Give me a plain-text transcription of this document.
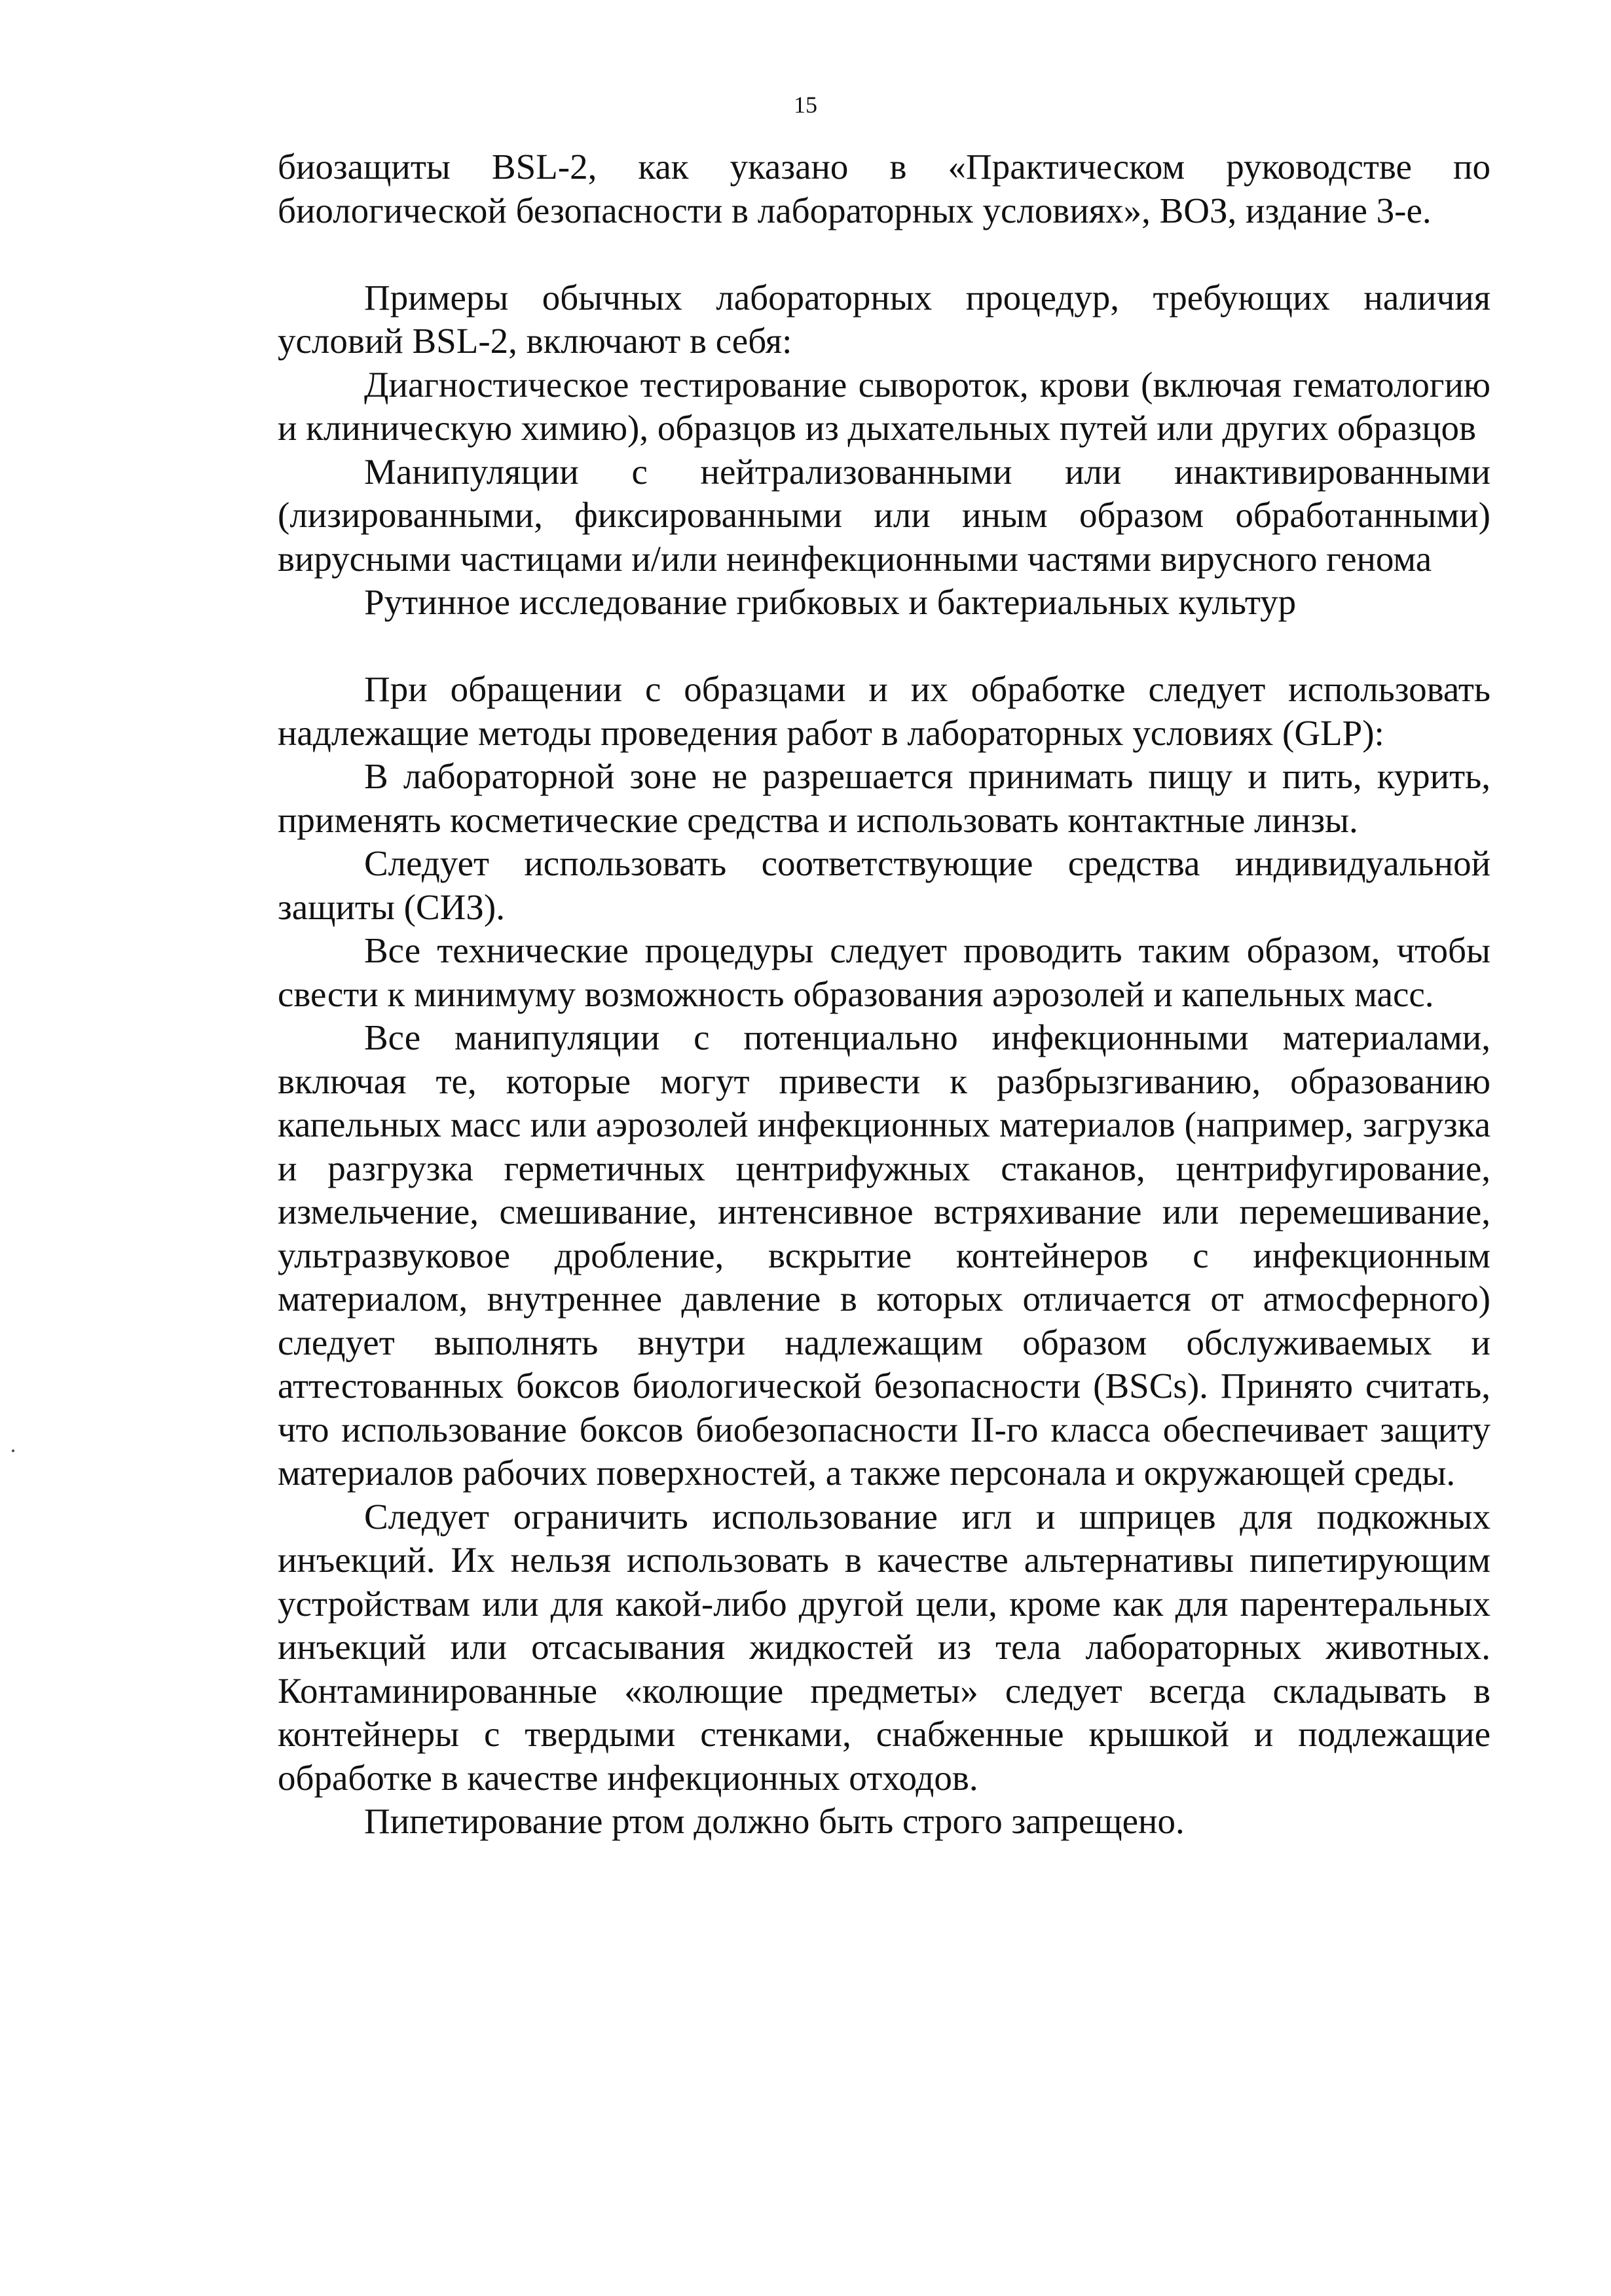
15

биозащиты BSL-2, как указано в «Практическом руководстве по биологической безопасности в лабораторных условиях», ВОЗ, издание 3-е.

Примеры обычных лабораторных процедур, требующих наличия условий BSL-2, включают в себя:

Диагностическое тестирование сывороток, крови (включая гематологию и клиническую химию), образцов из дыхательных путей или других образцов

Манипуляции с нейтрализованными или инактивированными (лизированными, фиксированными или иным образом обработанными) вирусными частицами и/или неинфекционными частями вирусного генома

Рутинное исследование грибковых и бактериальных культур

При обращении с образцами и их обработке следует использовать надлежащие методы проведения работ в лабораторных условиях (GLP):

В лабораторной зоне не разрешается принимать пищу и пить, курить, применять косметические средства и использовать контактные линзы.

Следует использовать соответствующие средства индивидуальной защиты (СИЗ).

Все технические процедуры следует проводить таким образом, чтобы свести к минимуму возможность образования аэрозолей и капельных масс.

Все манипуляции с потенциально инфекционными материалами, включая те, которые могут привести к разбрызгиванию, образованию капельных масс или аэрозолей инфекционных материалов (например, загрузка и разгрузка герметичных центрифужных стаканов, центрифугирование, измельчение, смешивание, интенсивное встряхивание или перемешивание, ультразвуковое дробление, вскрытие контейнеров с инфекционным материалом, внутреннее давление в которых отличается от атмосферного) следует выполнять внутри надлежащим образом обслуживаемых и аттестованных боксов биологической безопасности (BSCs). Принято считать, что использование боксов биобезопасности II-го класса обеспечивает защиту материалов рабочих поверхностей, а также персонала и окружающей среды.

Следует ограничить использование игл и шприцев для подкожных инъекций. Их нельзя использовать в качестве альтернативы пипетирующим устройствам или для какой-либо другой цели, кроме как для парентеральных инъекций или отсасывания жидкостей из тела лабораторных животных. Контаминированные «колющие предметы» следует всегда складывать в контейнеры с твердыми стенками, снабженные крышкой и подлежащие обработке в качестве инфекционных отходов.

Пипетирование ртом должно быть строго запрещено.
